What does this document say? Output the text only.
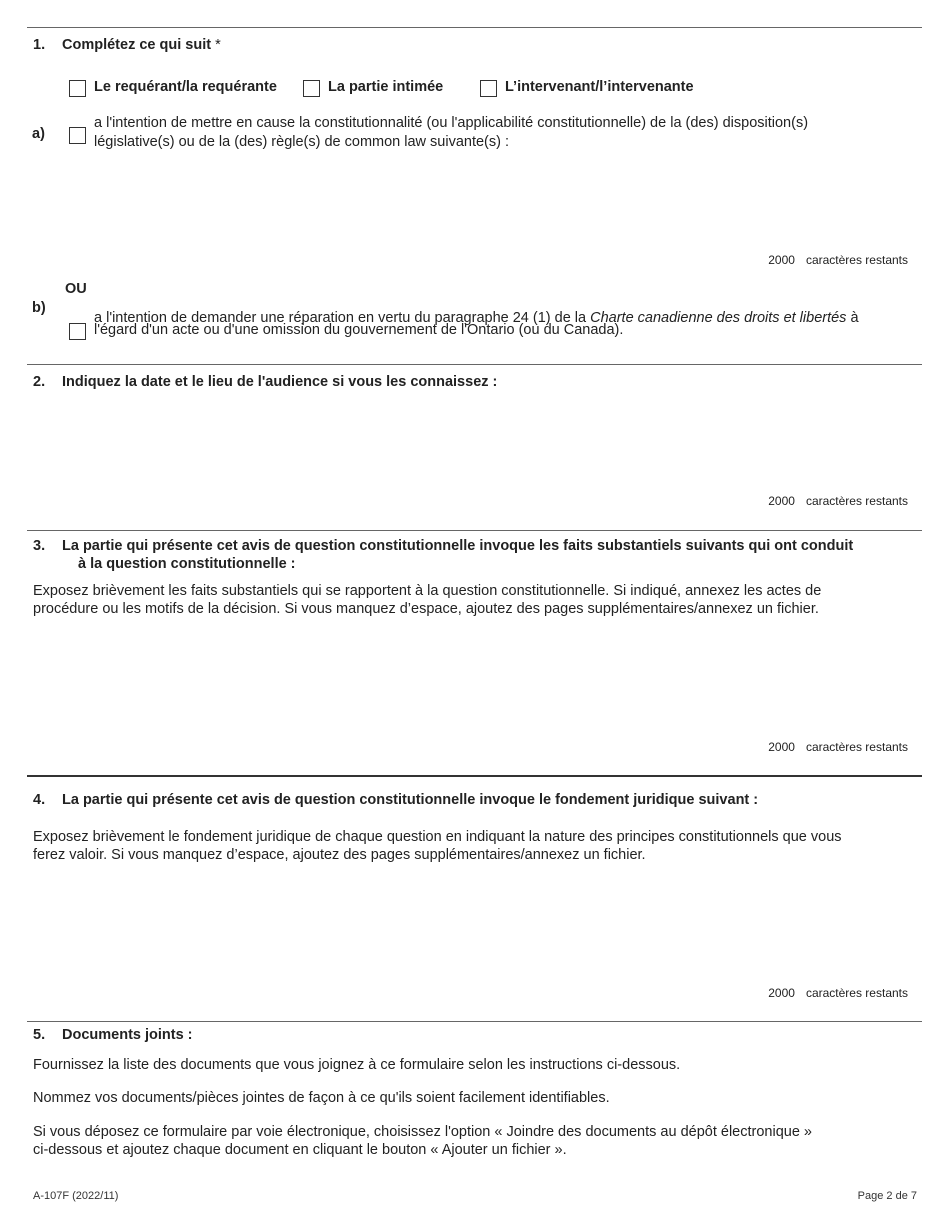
1. Complétez ce qui suit *
Le requérant/la requérante	La partie intimée	L’intervenant/l’intervenante
a)
a l'intention de mettre en cause la constitutionnalité (ou l'applicabilité constitutionnelle) de la (des) disposition(s)
législative(s) ou de la (des) règle(s) de common law suivante(s) :
2000 caractères restants
OU
b)
a l'intention de demander une réparation en vertu du paragraphe 24 (1) de la Charte canadienne des droits et libertés à
l'égard d'un acte ou d'une omission du gouvernement de l'Ontario (ou du Canada).
2. Indiquez la date et le lieu de l'audience si vous les connaissez :
2000 caractères restants
3. La partie qui présente cet avis de question constitutionnelle invoque les faits substantiels suivants qui ont conduit
à la question constitutionnelle :
Exposez brièvement les faits substantiels qui se rapportent à la question constitutionnelle. Si indiqué, annexez les actes de
procédure ou les motifs de la décision. Si vous manquez d’espace, ajoutez des pages supplémentaires/annexez un fichier.
2000 caractères restants
4. La partie qui présente cet avis de question constitutionnelle invoque le fondement juridique suivant :
Exposez brièvement le fondement juridique de chaque question en indiquant la nature des principes constitutionnels que vous
ferez valoir. Si vous manquez d’espace, ajoutez des pages supplémentaires/annexez un fichier.
2000 caractères restants
5. Documents joints :
Fournissez la liste des documents que vous joignez à ce formulaire selon les instructions ci-dessous.
Nommez vos documents/pièces jointes de façon à ce qu'ils soient facilement identifiables.
Si vous déposez ce formulaire par voie électronique, choisissez l'option « Joindre des documents au dépôt électronique »
ci-dessous et ajoutez chaque document en cliquant le bouton « Ajouter un fichier ».
A-107F (2022/11)	Page 2 de 7
